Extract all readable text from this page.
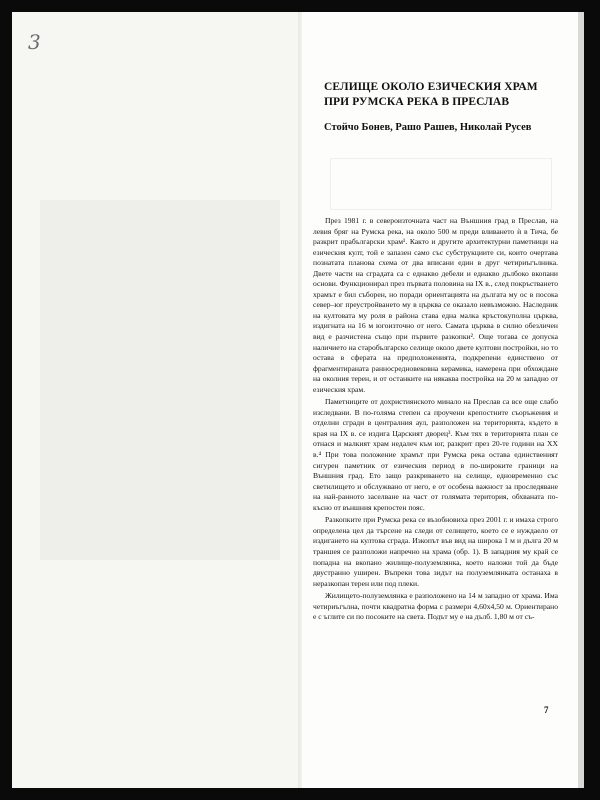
3
СЕЛИЩЕ ОКОЛО ЕЗИЧЕСКИЯ ХРАМ
ПРИ РУМСКА РЕКА В ПРЕСЛАВ
Стойчо Бонев, Рашо Рашев, Николай Русев

През 1981 г. в североизточната част на Външния град в Преслав, на левия бряг на Румска река, на около 500 м преди вливането ѝ в Тича, бе разкрит прабългарски храм¹. Както и другите архитектурни паметници на езическия култ, той е запазен само със субструкциите си, които очертава познатата планова схема от два вписани един в друг четириъгълника. Двете части на сградата са с еднакво дебели и еднакво дълбоко вкопани основи. Функционирал през първата половина на IX в., след покръстването храмът е бил съборен, но поради ориентацията на дългата му ос в посока север–юг преустройването му в църква се оказало невъзможно. Наследник на култовата му роля в района става една малка кръстокуполна църква, издигната на 16 м югоизточно от него. Самата църква в силно обезличен вид е разчистена също при първите разкопки². Още тогава се допуска наличието на старобългарско селище около двете култови постройки, но то остава в сферата на предположенията, подкрепени единствено от фрагментираната ранносредновековна керамика, намерена при обхождане на околния терен, и от останките на някаква постройка на 20 м западно от езическия храм.

Паметниците от дохристиянското минало на Преслав са все още слабо изследвани. В по-голяма степен са проучени крепостните съоръжения и отделни сгради в централния аул, разположен на територията, където в края на IX в. се издига Царският дворец³. Към тях в територията план се отнася и малкият храм недалеч към юг, разкрит през 20-те години на XX в.⁴ При това положение храмът при Румска река остава единственият сигурен паметник от езическия период в по-широките граници на Външния град. Ето защо разкриването на селище, едновременно със светилището и обслужвано от него, е от особена важност за проследяване на най-ранното заселване на част от голямата територия, обхваната по-късно от външния крепостен пояс.

Разкопките при Румска река се възобновиха през 2001 г. и имаха строго определена цел да търсене на следи от селището, което се е нуждаело от издигането на култова сграда. Изкопът във вид на широка 1 м и дълга 20 м траншея се разположи напречно на храма (обр. 1). В западния му край се попадна на вкопано жилище-полуземлянка, което наложи той да бъде двустранно уширен. Въпреки това зидът на полуземлянката останаха в неразкопан терен или под плеки.

Жилището-полуземлянка е разположено на 14 м западно от храма. Има четириъгълна, почти квадратна форма с размери 4,60х4,50 м. Ориентирано е с ъглите си по посоките на света. Подът му е на дълб. 1,80 м от съ-

7
